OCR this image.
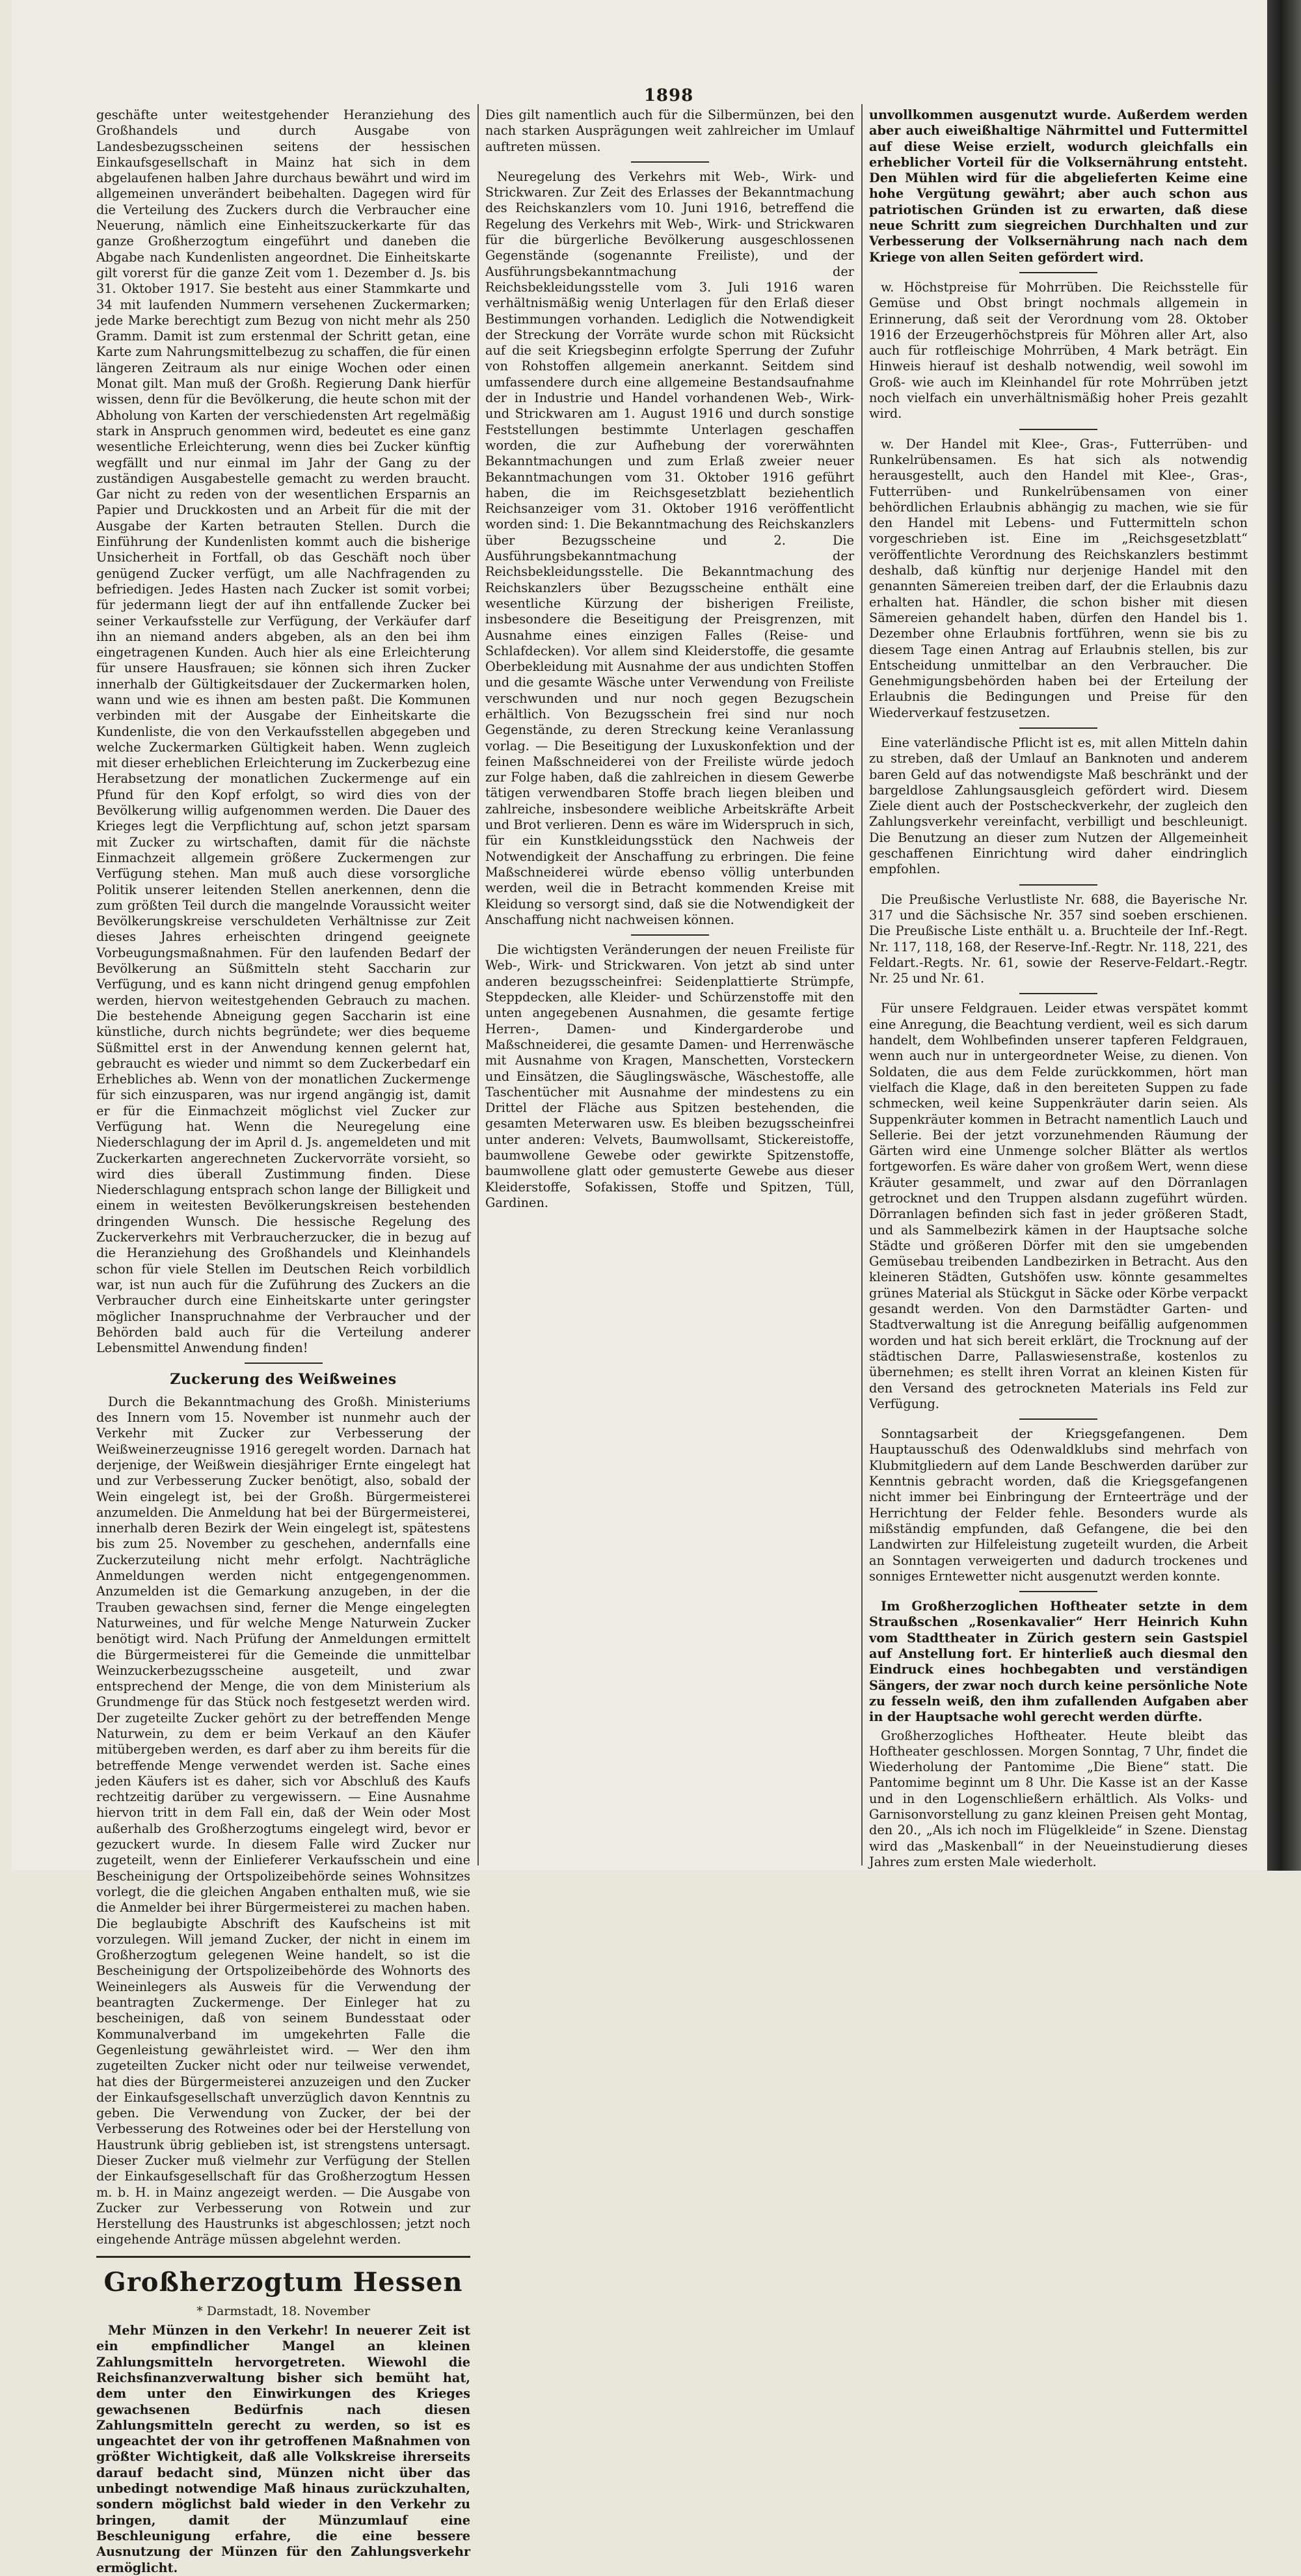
1898

geschäfte unter weitestgehender Heranziehung des Großhandels und durch Ausgabe von Landesbezugsscheinen seitens der hessischen Einkaufsgesellschaft in Mainz hat sich in dem abgelaufenen halben Jahre durchaus bewährt und wird im allgemeinen unverändert beibehalten. Dagegen wird für die Verteilung des Zuckers durch die Verbraucher eine Neuerung, nämlich eine Einheitszuckerkarte für das ganze Großherzogtum eingeführt und daneben die Abgabe nach Kundenlisten angeordnet. Die Einheitskarte gilt vorerst für die ganze Zeit vom 1. Dezember d. Js. bis 31. Oktober 1917. Sie besteht aus einer Stammkarte und 34 mit laufenden Nummern versehenen Zuckermarken; jede Marke berechtigt zum Bezug von nicht mehr als 250 Gramm. Damit ist zum erstenmal der Schritt getan, eine Karte zum Nahrungsmittelbezug zu schaffen, die für einen längeren Zeitraum als nur einige Wochen oder einen Monat gilt. Man muß der Großh. Regierung Dank hierfür wissen, denn für die Bevölkerung, die heute schon mit der Abholung von Karten der verschiedensten Art regelmäßig stark in Anspruch genommen wird, bedeutet es eine ganz wesentliche Erleichterung, wenn dies bei Zucker künftig wegfällt und nur einmal im Jahr der Gang zu der zuständigen Ausgabestelle gemacht zu werden braucht. Gar nicht zu reden von der wesentlichen Ersparnis an Papier und Druckkosten und an Arbeit für die mit der Ausgabe der Karten betrauten Stellen. Durch die Einführung der Kundenlisten kommt auch die bisherige Unsicherheit in Fortfall, ob das Geschäft noch über genügend Zucker verfügt, um alle Nachfragenden zu befriedigen. Jedes Hasten nach Zucker ist somit vorbei; für jedermann liegt der auf ihn entfallende Zucker bei seiner Verkaufsstelle zur Verfügung, der Verkäufer darf ihn an niemand anders abgeben, als an den bei ihm eingetragenen Kunden. Auch hier als eine Erleichterung für unsere Hausfrauen; sie können sich ihren Zucker innerhalb der Gültigkeitsdauer der Zuckermarken holen, wann und wie es ihnen am besten paßt. Die Kommunen verbinden mit der Ausgabe der Einheitskarte die Kundenliste, die von den Verkaufsstellen abgegeben und welche Zuckermarken Gültigkeit haben. Wenn zugleich mit dieser erheblichen Erleichterung im Zuckerbezug eine Herabsetzung der monatlichen Zuckermenge auf ein Pfund für den Kopf erfolgt, so wird dies von der Bevölkerung willig aufgenommen werden. Die Dauer des Krieges legt die Verpflichtung auf, schon jetzt sparsam mit Zucker zu wirtschaften, damit für die nächste Einmachzeit allgemein größere Zuckermengen zur Verfügung stehen. Man muß auch diese vorsorgliche Politik unserer leitenden Stellen anerkennen, denn die zum größten Teil durch die mangelnde Voraussicht weiter Bevölkerungskreise verschuldeten Verhältnisse zur Zeit dieses Jahres erheischten dringend geeignete Vorbeugungsmaßnahmen. Für den laufenden Bedarf der Bevölkerung an Süßmitteln steht Saccharin zur Verfügung, und es kann nicht dringend genug empfohlen werden, hiervon weitestgehenden Gebrauch zu machen. Die bestehende Abneigung gegen Saccharin ist eine künstliche, durch nichts begründete; wer dies bequeme Süßmittel erst in der Anwendung kennen gelernt hat, gebraucht es wieder und nimmt so dem Zuckerbedarf ein Erhebliches ab. Wenn von der monatlichen Zuckermenge für sich einzusparen, was nur irgend angängig ist, damit er für die Einmachzeit möglichst viel Zucker zur Verfügung hat. Wenn die Neuregelung eine Niederschlagung der im April d. Js. angemeldeten und mit Zuckerkarten angerechneten Zuckervorräte vorsieht, so wird dies überall Zustimmung finden. Diese Niederschlagung entsprach schon lange der Billigkeit und einem in weitesten Bevölkerungskreisen bestehenden dringenden Wunsch. Die hessische Regelung des Zuckerverkehrs mit Verbraucherzucker, die in bezug auf die Heranziehung des Großhandels und Kleinhandels schon für viele Stellen im Deutschen Reich vorbildlich war, ist nun auch für die Zuführung des Zuckers an die Verbraucher durch eine Einheitskarte unter geringster möglicher Inanspruchnahme der Verbraucher und der Behörden bald auch für die Verteilung anderer Lebensmittel Anwendung finden!

Zuckerung des Weißweines

Durch die Bekanntmachung des Großh. Ministeriums des Innern vom 15. November ist nunmehr auch der Verkehr mit Zucker zur Verbesserung der Weißweinerzeugnisse 1916 geregelt worden. Darnach hat derjenige, der Weißwein diesjähriger Ernte eingelegt hat und zur Verbesserung Zucker benötigt, also, sobald der Wein eingelegt ist, bei der Großh. Bürgermeisterei anzumelden. Die Anmeldung hat bei der Bürgermeisterei, innerhalb deren Bezirk der Wein eingelegt ist, spätestens bis zum 25. November zu geschehen, andernfalls eine Zuckerzuteilung nicht mehr erfolgt. Nachträgliche Anmeldungen werden nicht entgegengenommen. Anzumelden ist die Gemarkung anzugeben, in der die Trauben gewachsen sind, ferner die Menge eingelegten Naturweines, und für welche Menge Naturwein Zucker benötigt wird. Nach Prüfung der Anmeldungen ermittelt die Bürgermeisterei für die Gemeinde die unmittelbar Weinzuckerbezugsscheine ausgeteilt, und zwar entsprechend der Menge, die von dem Ministerium als Grundmenge für das Stück noch festgesetzt werden wird. Der zugeteilte Zucker gehört zu der betreffenden Menge Naturwein, zu dem er beim Verkauf an den Käufer mitübergeben werden, es darf aber zu ihm bereits für die betreffende Menge verwendet werden ist. Sache eines jeden Käufers ist es daher, sich vor Abschluß des Kaufs rechtzeitig darüber zu vergewissern. — Eine Ausnahme hiervon tritt in dem Fall ein, daß der Wein oder Most außerhalb des Großherzogtums eingelegt wird, bevor er gezuckert wurde. In diesem Falle wird Zucker nur zugeteilt, wenn der Einlieferer Verkaufsschein und eine Bescheinigung der Ortspolizeibehörde seines Wohnsitzes vorlegt, die die gleichen Angaben enthalten muß, wie sie die Anmelder bei ihrer Bürgermeisterei zu machen haben. Die beglaubigte Abschrift des Kaufscheins ist mit vorzulegen. Will jemand Zucker, der nicht in einem im Großherzogtum gelegenen Weine handelt, so ist die Bescheinigung der Ortspolizeibehörde des Wohnorts des Weineinlegers als Ausweis für die Verwendung der beantragten Zuckermenge. Der Einleger hat zu bescheinigen, daß von seinem Bundesstaat oder Kommunalverband im umgekehrten Falle die Gegenleistung gewährleistet wird. — Wer den ihm zugeteilten Zucker nicht oder nur teilweise verwendet, hat dies der Bürgermeisterei anzuzeigen und den Zucker der Einkaufsgesellschaft unverzüglich davon Kenntnis zu geben. Die Verwendung von Zucker, der bei der Verbesserung des Rotweines oder bei der Herstellung von Haustrunk übrig geblieben ist, ist strengstens untersagt. Dieser Zucker muß vielmehr zur Verfügung der Stellen der Einkaufsgesellschaft für das Großherzogtum Hessen m. b. H. in Mainz angezeigt werden. — Die Ausgabe von Zucker zur Verbesserung von Rotwein und zur Herstellung des Haustrunks ist abgeschlossen; jetzt noch eingehende Anträge müssen abgelehnt werden.

Großherzogtum Hessen
* Darmstadt, 18. November

Mehr Münzen in den Verkehr! In neuerer Zeit ist ein empfindlicher Mangel an kleinen Zahlungsmitteln hervorgetreten. Wiewohl die Reichsfinanzverwaltung bisher sich bemüht hat, dem unter den Einwirkungen des Krieges gewachsenen Bedürfnis nach diesen Zahlungsmitteln gerecht zu werden, so ist es ungeachtet der von ihr getroffenen Maßnahmen von größter Wichtigkeit, daß alle Volkskreise ihrerseits darauf bedacht sind, Münzen nicht über das unbedingt notwendige Maß hinaus zurückzuhalten, sondern möglichst bald wieder in den Verkehr zu bringen, damit der Münzumlauf eine Beschleunigung erfahre, die eine bessere Ausnutzung der Münzen für den Zahlungsverkehr ermöglicht.

Dies gilt namentlich auch für die Silbermünzen, bei den nach starken Ausprägungen weit zahlreicher im Umlauf auftreten müssen.

Neuregelung des Verkehrs mit Web-, Wirk- und Strickwaren. Zur Zeit des Erlasses der Bekanntmachung des Reichskanzlers vom 10. Juni 1916, betreffend die Regelung des Verkehrs mit Web-, Wirk- und Strickwaren für die bürgerliche Bevölkerung ausgeschlossenen Gegenstände (sogenannte Freiliste), und der Ausführungsbekanntmachung der Reichsbekleidungsstelle vom 3. Juli 1916 waren verhältnismäßig wenig Unterlagen für den Erlaß dieser Bestimmungen vorhanden. Lediglich die Notwendigkeit der Streckung der Vorräte wurde schon mit Rücksicht auf die seit Kriegsbeginn erfolgte Sperrung der Zufuhr von Rohstoffen allgemein anerkannt. Seitdem sind umfassendere durch eine allgemeine Bestandsaufnahme der in Industrie und Handel vorhandenen Web-, Wirk- und Strickwaren am 1. August 1916 und durch sonstige Feststellungen bestimmte Unterlagen geschaffen worden, die zur Aufhebung der vorerwähnten Bekanntmachungen und zum Erlaß zweier neuer Bekanntmachungen vom 31. Oktober 1916 geführt haben, die im Reichsgesetzblatt beziehentlich Reichsanzeiger vom 31. Oktober 1916 veröffentlicht worden sind: 1. Die Bekanntmachung des Reichskanzlers über Bezugsscheine und 2. Die Ausführungsbekanntmachung der Reichsbekleidungsstelle. Die Bekanntmachung des Reichskanzlers über Bezugsscheine enthält eine wesentliche Kürzung der bisherigen Freiliste, insbesondere die Beseitigung der Preisgrenzen, mit Ausnahme eines einzigen Falles (Reise- und Schlafdecken). Vor allem sind Kleiderstoffe, die gesamte Oberbekleidung mit Ausnahme der aus undichten Stoffen und die gesamte Wäsche unter Verwendung von Freiliste verschwunden und nur noch gegen Bezugschein erhältlich. Von Bezugsschein frei sind nur noch Gegenstände, zu deren Streckung keine Veranlassung vorlag. — Die Beseitigung der Luxuskonfektion und der feinen Maßschneiderei von der Freiliste würde jedoch zur Folge haben, daß die zahlreichen in diesem Gewerbe tätigen verwendbaren Stoffe brach liegen bleiben und zahlreiche, insbesondere weibliche Arbeitskräfte Arbeit und Brot verlieren. Denn es wäre im Widerspruch in sich, für ein Kunstkleidungsstück den Nachweis der Notwendigkeit der Anschaffung zu erbringen. Die feine Maßschneiderei würde ebenso völlig unterbunden werden, weil die in Betracht kommenden Kreise mit Kleidung so versorgt sind, daß sie die Notwendigkeit der Anschaffung nicht nachweisen können.

Die wichtigsten Veränderungen der neuen Freiliste für Web-, Wirk- und Strickwaren. Von jetzt ab sind unter anderen bezugsscheinfrei: Seidenplattierte Strümpfe, Steppdecken, alle Kleider- und Schürzenstoffe mit den unten angegebenen Ausnahmen, die gesamte fertige Herren-, Damen- und Kindergarderobe und Maßschneiderei, die gesamte Damen- und Herrenwäsche mit Ausnahme von Kragen, Manschetten, Vorsteckern und Einsätzen, die Säuglingswäsche, Wäschestoffe, alle Taschentücher mit Ausnahme der mindestens zu ein Drittel der Fläche aus Spitzen bestehenden, die gesamten Meterwaren usw. Es bleiben bezugsscheinfrei unter anderen: Velvets, Baumwollsamt, Stickereistoffe, baumwollene Gewebe oder gewirkte Spitzenstoffe, baumwollene glatt oder gemusterte Gewebe aus dieser Kleiderstoffe, Sofakissen, Stoffe und Spitzen, Tüll, Gardinen.

unvollkommen ausgenutzt wurde. Außerdem werden aber auch eiweißhaltige Nährmittel und Futtermittel auf diese Weise erzielt, wodurch gleichfalls ein erheblicher Vorteil für die Volksernährung entsteht. Den Mühlen wird für die abgelieferten Keime eine hohe Vergütung gewährt; aber auch schon aus patriotischen Gründen ist zu erwarten, daß diese neue Schritt zum siegreichen Durchhalten und zur Verbesserung der Volksernährung nach nach dem Kriege von allen Seiten gefördert wird.

w. Höchstpreise für Mohrrüben. Die Reichsstelle für Gemüse und Obst bringt nochmals allgemein in Erinnerung, daß seit der Verordnung vom 28. Oktober 1916 der Erzeugerhöchstpreis für Möhren aller Art, also auch für rotfleischige Mohrrüben, 4 Mark beträgt. Ein Hinweis hierauf ist deshalb notwendig, weil sowohl im Groß- wie auch im Kleinhandel für rote Mohrrüben jetzt noch vielfach ein unverhältnismäßig hoher Preis gezahlt wird.

w. Der Handel mit Klee-, Gras-, Futterrüben- und Runkelrübensamen. Es hat sich als notwendig herausgestellt, auch den Handel mit Klee-, Gras-, Futterrüben- und Runkelrübensamen von einer behördlichen Erlaubnis abhängig zu machen, wie sie für den Handel mit Lebens- und Futtermitteln schon vorgeschrieben ist. Eine im „Reichsgesetzblatt“ veröffentlichte Verordnung des Reichskanzlers bestimmt deshalb, daß künftig nur derjenige Handel mit den genannten Sämereien treiben darf, der die Erlaubnis dazu erhalten hat. Händler, die schon bisher mit diesen Sämereien gehandelt haben, dürfen den Handel bis 1. Dezember ohne Erlaubnis fortführen, wenn sie bis zu diesem Tage einen Antrag auf Erlaubnis stellen, bis zur Entscheidung unmittelbar an den Verbraucher. Die Genehmigungsbehörden haben bei der Erteilung der Erlaubnis die Bedingungen und Preise für den Wiederverkauf festzusetzen.

Eine vaterländische Pflicht ist es, mit allen Mitteln dahin zu streben, daß der Umlauf an Banknoten und anderem baren Geld auf das notwendigste Maß beschränkt und der bargeldlose Zahlungsausgleich gefördert wird. Diesem Ziele dient auch der Postscheckverkehr, der zugleich den Zahlungsverkehr vereinfacht, verbilligt und beschleunigt. Die Benutzung an dieser zum Nutzen der Allgemeinheit geschaffenen Einrichtung wird daher eindringlich empfohlen.

Die Preußische Verlustliste Nr. 688, die Bayerische Nr. 317 und die Sächsische Nr. 357 sind soeben erschienen. Die Preußische Liste enthält u. a. Bruchteile der Inf.-Regt. Nr. 117, 118, 168, der Reserve-Inf.-Regtr. Nr. 118, 221, des Feldart.-Regts. Nr. 61, sowie der Reserve-Feldart.-Regtr. Nr. 25 und Nr. 61.

Für unsere Feldgrauen. Leider etwas verspätet kommt eine Anregung, die Beachtung verdient, weil es sich darum handelt, dem Wohlbefinden unserer tapferen Feldgrauen, wenn auch nur in untergeordneter Weise, zu dienen. Von Soldaten, die aus dem Felde zurückkommen, hört man vielfach die Klage, daß in den bereiteten Suppen zu fade schmecken, weil keine Suppenkräuter darin seien. Als Suppenkräuter kommen in Betracht namentlich Lauch und Sellerie. Bei der jetzt vorzunehmenden Räumung der Gärten wird eine Unmenge solcher Blätter als wertlos fortgeworfen. Es wäre daher von großem Wert, wenn diese Kräuter gesammelt, und zwar auf den Dörranlagen getrocknet und den Truppen alsdann zugeführt würden. Dörranlagen befinden sich fast in jeder größeren Stadt, und als Sammelbezirk kämen in der Hauptsache solche Städte und größeren Dörfer mit den sie umgebenden Gemüsebau treibenden Landbezirken in Betracht. Aus den kleineren Städten, Gutshöfen usw. könnte gesammeltes grünes Material als Stückgut in Säcke oder Körbe verpackt gesandt werden. Von den Darmstädter Garten- und Stadtverwaltung ist die Anregung beifällig aufgenommen worden und hat sich bereit erklärt, die Trocknung auf der städtischen Darre, Pallaswiesenstraße, kostenlos zu übernehmen; es stellt ihren Vorrat an kleinen Kisten für den Versand des getrockneten Materials ins Feld zur Verfügung.

Sonntagsarbeit der Kriegsgefangenen. Dem Hauptausschuß des Odenwaldklubs sind mehrfach von Klubmitgliedern auf dem Lande Beschwerden darüber zur Kenntnis gebracht worden, daß die Kriegsgefangenen nicht immer bei Einbringung der Ernteerträge und der Herrichtung der Felder fehle. Besonders wurde als mißständig empfunden, daß Gefangene, die bei den Landwirten zur Hilfeleistung zugeteilt wurden, die Arbeit an Sonntagen verweigerten und dadurch trockenes und sonniges Erntewetter nicht ausgenutzt werden konnte.

Im Großherzoglichen Hoftheater setzte in dem Straußschen „Rosenkavalier“ Herr Heinrich Kuhn vom Stadttheater in Zürich gestern sein Gastspiel auf Anstellung fort. Er hinterließ auch diesmal den Eindruck eines hochbegabten und verständigen Sängers, der zwar noch durch keine persönliche Note zu fesseln weiß, den ihm zufallenden Aufgaben aber in der Hauptsache wohl gerecht werden dürfte.

Großherzogliches Hoftheater. Heute bleibt das Hoftheater geschlossen. Morgen Sonntag, 7 Uhr, findet die Wiederholung der Pantomime „Die Biene“ statt. Die Pantomime beginnt um 8 Uhr. Die Kasse ist an der Kasse und in den Logenschließern erhältlich. Als Volks- und Garnisonvorstellung zu ganz kleinen Preisen geht Montag, den 20., „Als ich noch im Flügelkleide“ in Szene. Dienstag wird das „Maskenball“ in der Neueinstudierung dieses Jahres zum ersten Male wiederholt.
